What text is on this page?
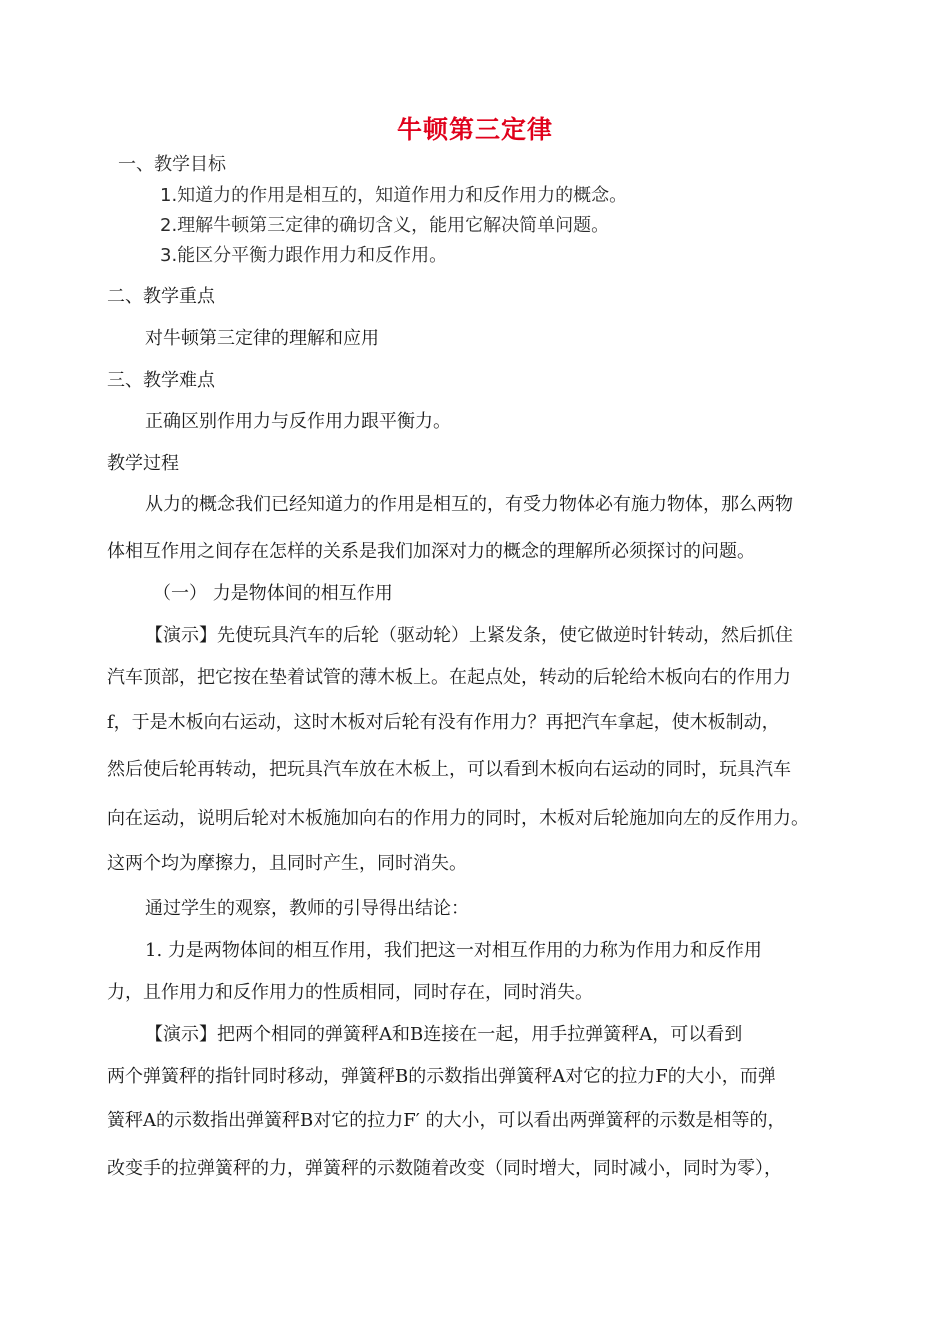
牛顿第三定律
一、教学目标
1.知道力的作用是相互的，知道作用力和反作用力的概念。
2.理解牛顿第三定律的确切含义，能用它解决简单问题。
3.能区分平衡力跟作用力和反作用。
二、教学重点
对牛顿第三定律的理解和应用
三、教学难点
正确区别作用力与反作用力跟平衡力。
教学过程
从力的概念我们已经知道力的作用是相互的，有受力物体必有施力物体，那么两物
体相互作用之间存在怎样的关系是我们加深对力的概念的理解所必须探讨的问题。
（一） 力是物体间的相互作用
【演示】先使玩具汽车的后轮（驱动轮）上紧发条，使它做逆时针转动，然后抓住
汽车顶部，把它按在垫着试管的薄木板上。在起点处，转动的后轮给木板向右的作用力
f，于是木板向右运动，这时木板对后轮有没有作用力？再把汽车拿起，使木板制动，
然后使后轮再转动，把玩具汽车放在木板上，可以看到木板向右运动的同时，玩具汽车
向在运动，说明后轮对木板施加向右的作用力的同时，木板对后轮施加向左的反作用力。
这两个均为摩擦力，且同时产生，同时消失。
通过学生的观察，教师的引导得出结论：
1. 力是两物体间的相互作用，我们把这一对相互作用的力称为作用力和反作用
力，且作用力和反作用力的性质相同，同时存在，同时消失。
【演示】把两个相同的弹簧秤A和B连接在一起，用手拉弹簧秤A，可以看到
两个弹簧秤的指针同时移动，弹簧秤B的示数指出弹簧秤A对它的拉力F的大小，而弹
簧秤A的示数指出弹簧秤B对它的拉力F′ 的大小，可以看出两弹簧秤的示数是相等的，
改变手的拉弹簧秤的力，弹簧秤的示数随着改变（同时增大，同时减小，同时为零），
